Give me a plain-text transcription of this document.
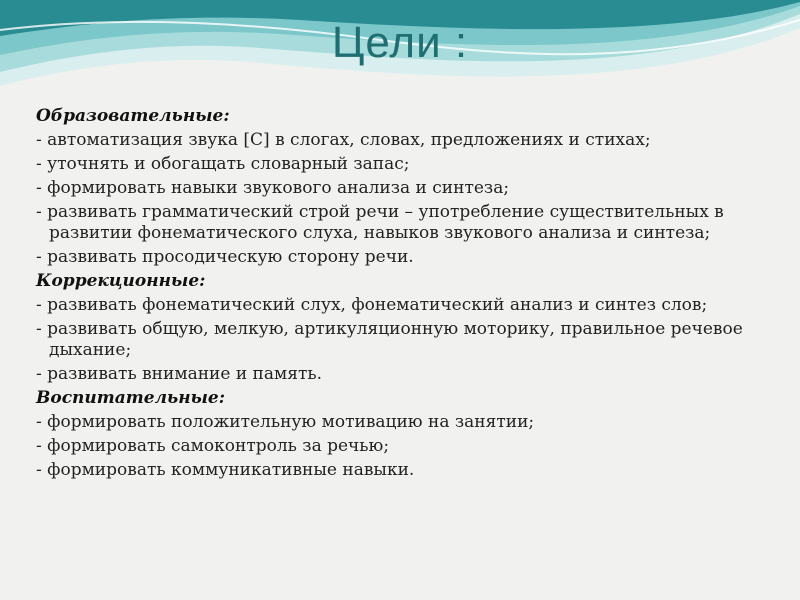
Цели :
Образовательные:
- автоматизация звука [С] в слогах, словах, предложениях и стихах;
- уточнять и обогащать словарный запас;
- формировать навыки звукового анализа и синтеза;
- развивать грамматический строй речи – употребление существительных в развитии фонематического слуха, навыков звукового анализа и синтеза;
- развивать просодическую сторону речи.
Коррекционные:
- развивать фонематический слух, фонематический анализ и синтез слов;
- развивать общую, мелкую, артикуляционную моторику, правильное речевое дыхание;
- развивать внимание и память.
Воспитательные:
- формировать положительную мотивацию на занятии;
- формировать самоконтроль за речью;
- формировать коммуникативные навыки.
